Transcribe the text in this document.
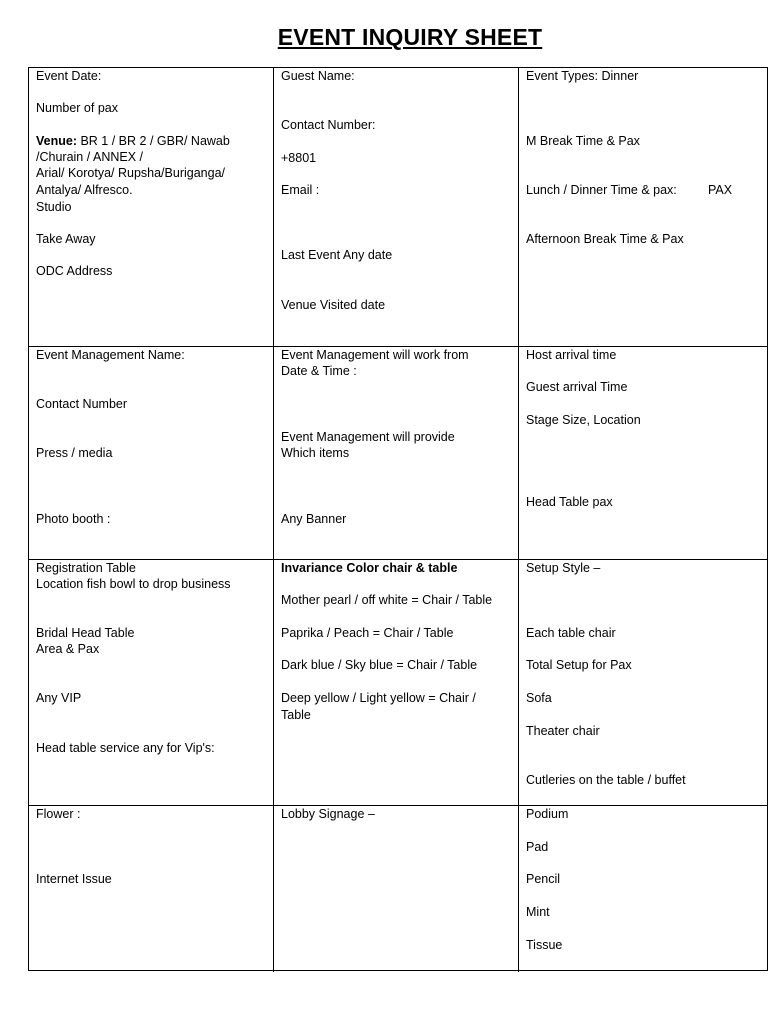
EVENT INQUIRY SHEET
Event Date:
Number of pax
Venue: BR 1 / BR 2 / GBR/ Nawab
/Churain / ANNEX /
Arial/ Korotya/ Rupsha/Buriganga/
Antalya/ Alfresco.
Studio
Take Away
ODC Address
Guest Name:
Contact Number:
+8801
Email :
Last Event Any date
Venue Visited date
Event Types: Dinner
M Break Time & Pax
Lunch / Dinner Time & pax: PAX
Afternoon Break Time & Pax
Event Management Name:
Contact Number
Press / media
Photo booth :
Event Management will work from
Date & Time :
Event Management will provide
Which items
Any Banner
Host arrival time
Guest arrival Time
Stage Size, Location
Head Table pax
Registration Table
Location fish bowl to drop business
Bridal Head Table
Area & Pax
Any VIP
Head table service any for Vip's:
Invariance Color chair & table
Mother pearl / off white = Chair / Table
Paprika / Peach = Chair / Table
Dark blue / Sky blue = Chair / Table
Deep yellow / Light yellow = Chair /
Table
Setup Style –
Each table chair
Total Setup for Pax
Sofa
Theater chair
Cutleries on the table / buffet
Flower :
Internet Issue
Lobby Signage –	Podium
Pad
Pencil
Mint
Tissue
